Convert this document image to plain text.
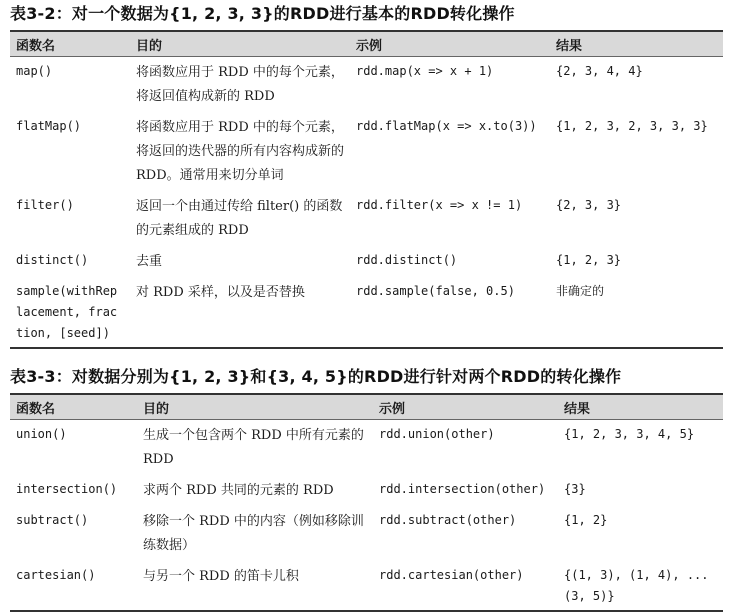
表3-2：对一个数据为{1, 2, 3, 3}的RDD进行基本的RDD转化操作
函数名	目的	示例	结果
map()	将函数应用于 RDD 中的每个元素，将返回值构成新的 RDD	rdd.map(x => x + 1)	{2, 3, 4, 4}
flatMap()	将函数应用于 RDD 中的每个元素，将返回的迭代器的所有内容构成新的 RDD。通常用来切分单词	rdd.flatMap(x => x.to(3))	{1, 2, 3, 2, 3, 3, 3}
filter()	返回一个由通过传给 filter() 的函数的元素组成的 RDD	rdd.filter(x => x != 1)	{2, 3, 3}
distinct()	去重	rdd.distinct()	{1, 2, 3}
sample(withReplacement, fraction, [seed])	对 RDD 采样，以及是否替换	rdd.sample(false, 0.5)	非确定的
表3-3：对数据分别为{1, 2, 3}和{3, 4, 5}的RDD进行针对两个RDD的转化操作
函数名	目的	示例	结果
union()	生成一个包含两个 RDD 中所有元素的 RDD	rdd.union(other)	{1, 2, 3, 3, 4, 5}
intersection()	求两个 RDD 共同的元素的 RDD	rdd.intersection(other)	{3}
subtract()	移除一个 RDD 中的内容（例如移除训练数据）	rdd.subtract(other)	{1, 2}
cartesian()	与另一个 RDD 的笛卡儿积	rdd.cartesian(other)	{(1, 3), (1, 4), ... (3, 5)}
